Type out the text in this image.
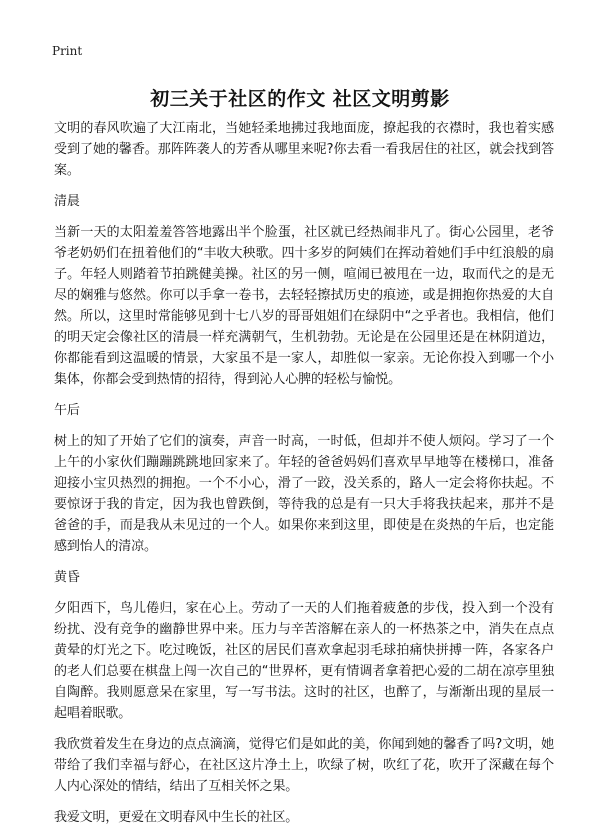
Print
初三关于社区的作文 社区文明剪影

文明的春风吹遍了大江南北，当她轻柔地拂过我地面庞，撩起我的衣襟时，我也着实感受到了她的馨香。那阵阵袭人的芳香从哪里来呢?你去看一看我居住的社区，就会找到答案。

清晨

当新一天的太阳羞羞答答地露出半个脸蛋，社区就已经热闹非凡了。街心公园里，老爷爷老奶奶们在扭着他们的“丰收大秧歌。四十多岁的阿姨们在挥动着她们手中红浪般的扇子。年轻人则踏着节拍跳健美操。社区的另一侧，喧闹已被甩在一边，取而代之的是无尽的娴雅与悠然。你可以手拿一卷书，去轻轻擦拭历史的痕迹，或是拥抱你热爱的大自然。所以，这里时常能够见到十七八岁的哥哥姐姐们在绿阴中“之乎者也。我相信，他们的明天定会像社区的清晨一样充满朝气，生机勃勃。无论是在公园里还是在林阴道边，你都能看到这温暖的情景，大家虽不是一家人，却胜似一家亲。无论你投入到哪一个小集体，你都会受到热情的招待，得到沁人心脾的轻松与愉悦。

午后

树上的知了开始了它们的演奏，声音一时高，一时低，但却并不使人烦闷。学习了一个上午的小家伙们蹦蹦跳跳地回家来了。年轻的爸爸妈妈们喜欢早早地等在楼梯口，准备迎接小宝贝热烈的拥抱。一个不小心，滑了一跤，没关系的，路人一定会将你扶起。不要惊讶于我的肯定，因为我也曾跌倒，等待我的总是有一只大手将我扶起来，那并不是爸爸的手，而是我从未见过的一个人。如果你来到这里，即使是在炎热的午后，也定能感到怡人的清凉。

黄昏

夕阳西下，鸟儿倦归，家在心上。劳动了一天的人们拖着疲惫的步伐，投入到一个没有纷扰、没有竞争的幽静世界中来。压力与辛苦溶解在亲人的一杯热茶之中，消失在点点黄晕的灯光之下。吃过晚饭，社区的居民们喜欢拿起羽毛球拍痛快拼搏一阵，各家各户的老人们总要在棋盘上闯一次自己的“世界杯，更有情调者拿着把心爱的二胡在凉亭里独自陶醉。我则愿意呆在家里，写一写书法。这时的社区，也醉了，与渐渐出现的星辰一起唱着眠歌。

我欣赏着发生在身边的点点滴滴，觉得它们是如此的美，你闻到她的馨香了吗?文明，她带给了我们幸福与舒心，在社区这片净土上，吹绿了树，吹红了花，吹开了深藏在每个人内心深处的情结，结出了互相关怀之果。

我爱文明，更爱在文明春风中生长的社区。
